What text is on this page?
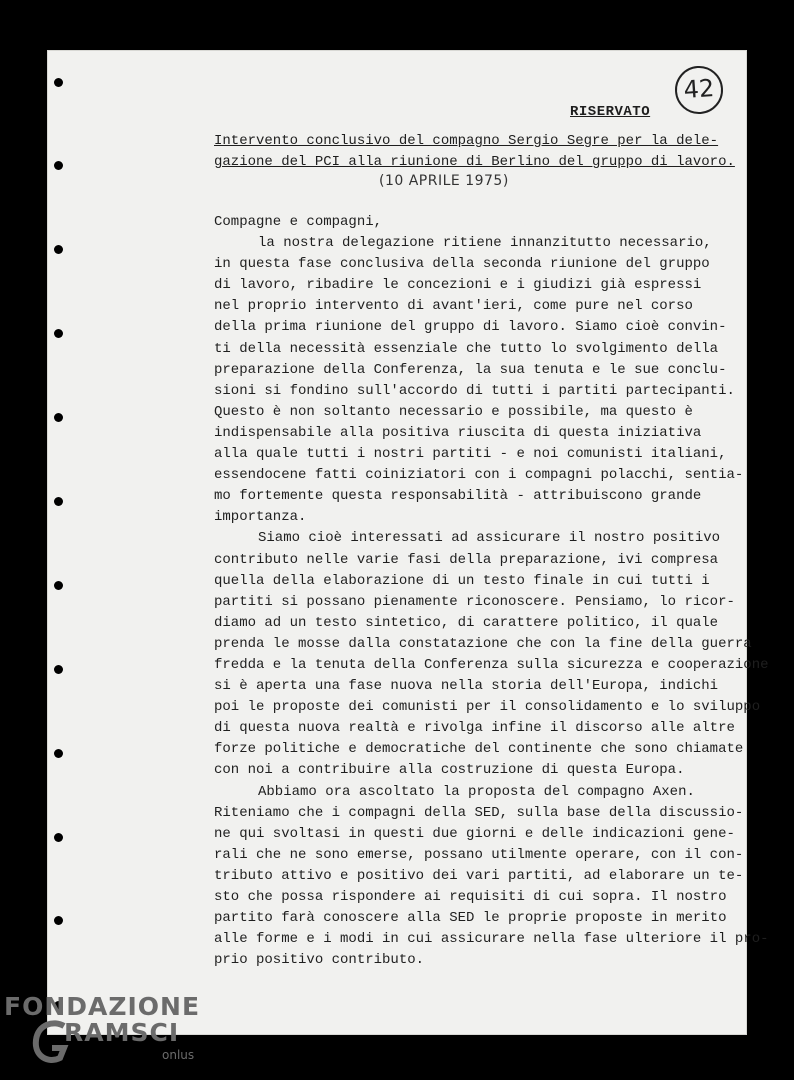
42
RISERVATO
Intervento conclusivo del compagno Sergio Segre per la dele-
gazione del PCI alla riunione di Berlino del gruppo di lavoro.
(10 APRILE 1975)
Compagne e compagni,
la nostra delegazione ritiene innanzitutto necessario,
in questa fase conclusiva della seconda riunione del gruppo
di lavoro, ribadire le concezioni e i giudizi già espressi
nel proprio intervento di avant'ieri, come pure nel corso
della prima riunione del gruppo di lavoro. Siamo cioè convin-
ti della necessità essenziale che tutto lo svolgimento della
preparazione della Conferenza, la sua tenuta e le sue conclu-
sioni si fondino sull'accordo di tutti i partiti partecipanti.
Questo è non soltanto necessario e possibile, ma questo è
indispensabile alla positiva riuscita di questa iniziativa
alla quale tutti i nostri partiti - e noi comunisti italiani,
essendocene fatti coiniziatori con i compagni polacchi, sentia-
mo fortemente questa responsabilità - attribuiscono grande
importanza.
Siamo cioè interessati ad assicurare il nostro positivo
contributo nelle varie fasi della preparazione, ivi compresa
quella della elaborazione di un testo finale in cui tutti i
partiti si possano pienamente riconoscere. Pensiamo, lo ricor-
diamo ad un testo sintetico, di carattere politico, il quale
prenda le mosse dalla constatazione che con la fine della guerra
fredda e la tenuta della Conferenza sulla sicurezza e cooperazione
si è aperta una fase nuova nella storia dell'Europa, indichi
poi le proposte dei comunisti per il consolidamento e lo sviluppo
di questa nuova realtà e rivolga infine il discorso alle altre
forze politiche e democratiche del continente che sono chiamate
con noi a contribuire alla costruzione di questa Europa.
Abbiamo ora ascoltato la proposta del compagno Axen.
Riteniamo che i compagni della SED, sulla base della discussio-
ne qui svoltasi in questi due giorni e delle indicazioni gene-
rali che ne sono emerse, possano utilmente operare, con il con-
tributo attivo e positivo dei vari partiti, ad elaborare un te-
sto che possa rispondere ai requisiti di cui sopra. Il nostro
partito farà conoscere alla SED le proprie proposte in merito
alle forme e i modi in cui assicurare nella fase ulteriore il pro-
prio positivo contributo.
FONDAZIONE
RAMSCI
onlus
